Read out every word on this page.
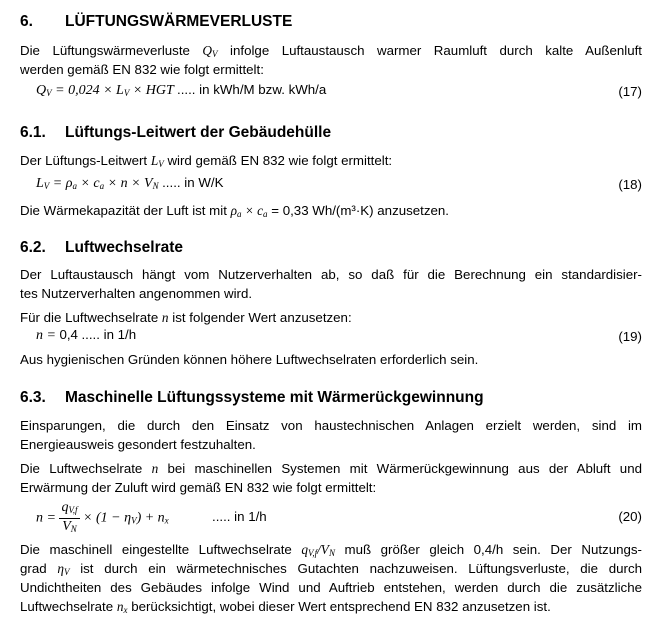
6. LÜFTUNGSWÄRMEVERLUSTE

Die Lüftungswärmeverluste $Q_V$ infolge Luftaustausch warmer Raumluft durch kalte Außenluft

werden gemäß EN 832 wie folgt ermittelt:

$Q_V = 0,024 \times L_V$ × HGT ..... in kWh/M bzw. kWh/a	(17)
6.1. Lüftungs-Leitwert der Gebäudehülle

Der Lüftungs-Leitwert $L_V$ wird gemäß EN 832 wie folgt ermittelt:

$L_V = \rho_a \times c_a \times n \times V_N$ ..... in W/K	(18)

Die Wärmekapazität der Luft ist mit $\rho_a \times c_a = 0,33$ Wh/(m³·K) anzusetzen.

6.2. Luftwechselrate

Der Luftaustausch hängt vom Nutzerverhalten ab, so daß für die Berechnung ein standardisier-

tes Nutzerverhalten angenommen wird.

Für die Luftwechselrate n ist folgender Wert anzusetzen:

n = 0,4 ..... in 1/h	(19)

Aus hygienischen Gründen können höhere Luftwechselraten erforderlich sein.

6.3. Maschinelle Lüftungssysteme mit Wärmerückgewinnung

Einsparungen, die durch den Einsatz von haustechnischen Anlagen erzielt werden, sind im

Energieausweis gesondert festzuhalten.

Die Luftwechselrate n bei maschinellen Systemen mit Wärmerückgewinnung aus der Abluft und

Erwärmung der Zuluft wird gemäß EN 832 wie folgt ermittelt:

$n = \frac{q_{V,f}}{V_N} \times (1 - \eta_V) + n_x$	..... in 1/h	(20)

Die maschinell eingestellte Luftwechselrate $q_{V,f}/V_N$ muß größer gleich 0,4/h sein. Der Nutzungs-

grad $\eta_V$ ist durch ein wärmetechnisches Gutachten nachzuweisen. Lüftungsverluste, die durch

Undichtheiten des Gebäudes infolge Wind und Auftrieb entstehen, werden durch die zusätzliche

Luftwechselrate $n_x$ berücksichtigt, wobei dieser Wert entsprechend EN 832 anzusetzen ist.
